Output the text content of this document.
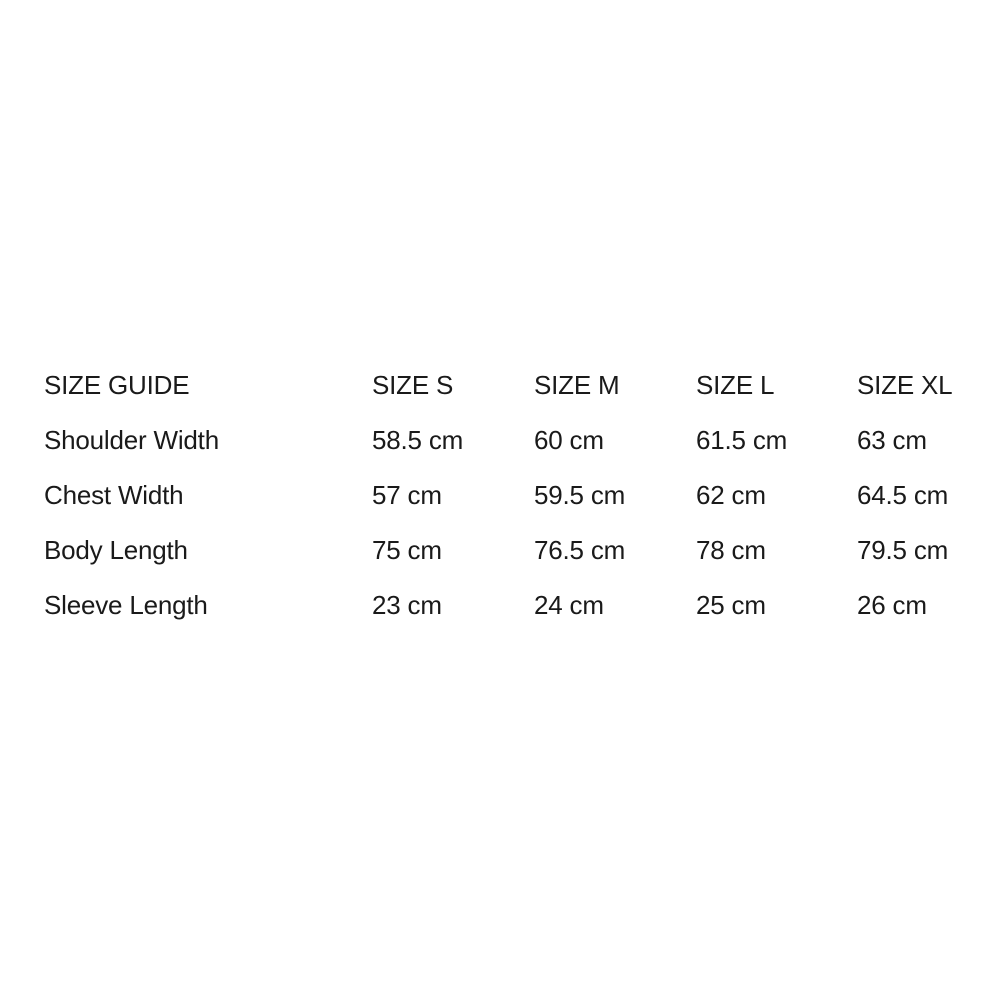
SIZE GUIDE	SIZE S	SIZE M	SIZE L	SIZE XL
Shoulder Width	58.5 cm	60 cm	61.5 cm	63 cm
Chest Width	57 cm	59.5 cm	62 cm	64.5 cm
Body Length	75 cm	76.5 cm	78 cm	79.5 cm
Sleeve Length	23 cm	24 cm	25 cm	26 cm
